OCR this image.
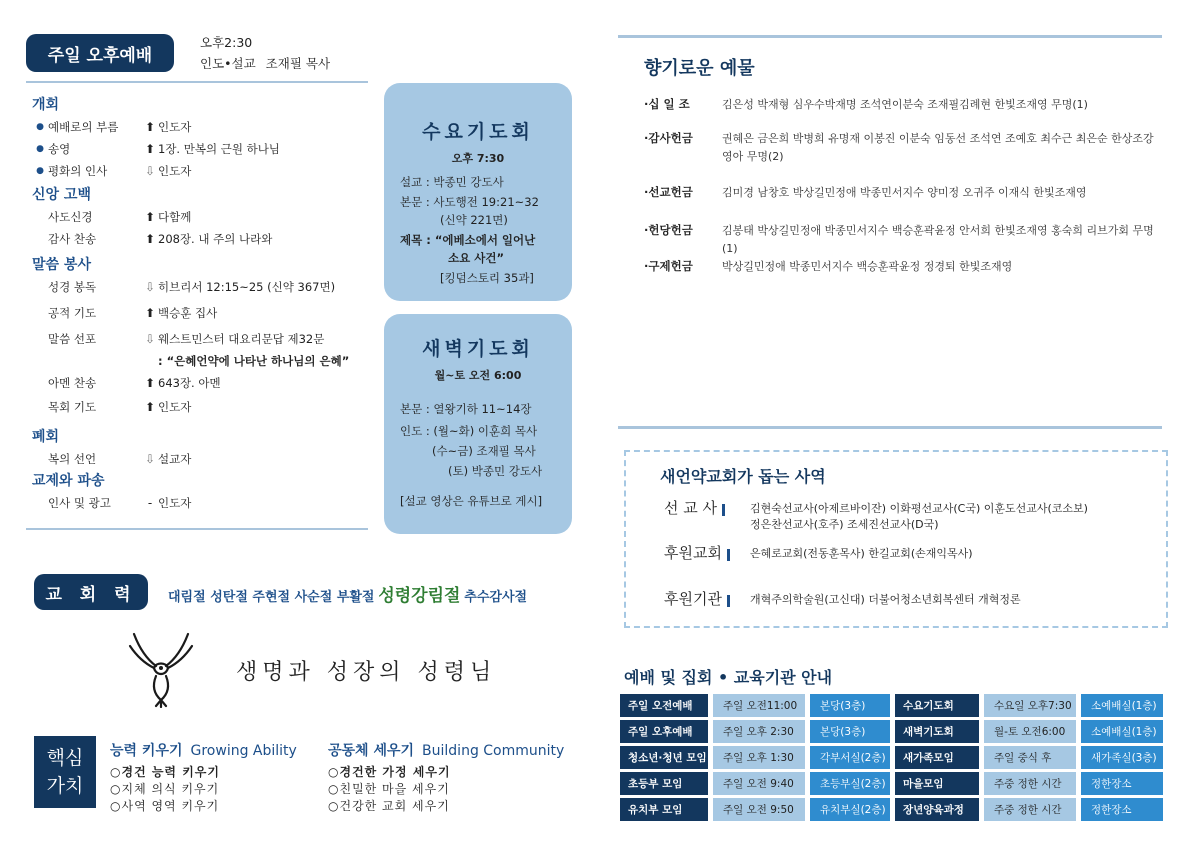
주일 오후예배
오후2:30
인도•설교 조재필 목사
개회
● 예배로의 부름	⬆ 인도자
● 송영	⬆ 1장. 만복의 근원 하나님
● 평화의 인사	⇩ 인도자
신앙 고백
사도신경	⬆ 다함께
감사 찬송	⬆ 208장. 내 주의 나라와
말씀 봉사
성경 봉독	⇩ 히브리서 12:15~25 (신약 367면)
공적 기도	⬆ 백승훈 집사
말씀 선포	⇩ 웨스트민스터 대요리문답 제32문
: “은혜언약에 나타난 하나님의 은혜”
아멘 찬송	⬆ 643장. 아멘
목회 기도	⬆ 인도자
폐회
복의 선언	⇩ 설교자
교제와 파송
인사 및 광고	- 인도자
수요기도회
오후 7:30
설교 : 박종민 강도사
본문 : 사도행전 19:21~32
(신약 221면)
제목 : “에베소에서 일어난
소요 사건”
[킹덤스토리 35과]
새벽기도회
월~토 오전 6:00
본문 : 열왕기하 11~14장
인도 : (월~화) 이훈희 목사
(수~금) 조재필 목사
(토) 박종민 강도사
[설교 영상은 유튜브로 게시]
교 회 력	대림절 성탄절 주현절 사순절 부활절 성령강림절 추수감사절
생명과 성장의 성령님
핵심
가치
능력 키우기 Growing Ability
○경건 능력 키우기
○지체 의식 키우기
○사역 영역 키우기
공동체 세우기 Building Community
○경건한 가정 세우기
○친밀한 마을 세우기
○건강한 교회 세우기
향기로운 예물
·십 일 조	김은성 박재형 심우수박재명 조석연이분숙 조재필김례현 한빛조재영 무명(1)
·감사헌금	권혜은 금은희 박병희 유명재 이봉진 이분숙 임동선 조석연 조예호 최수근 최은순 한상조강영아 무명(2)
·선교헌금	김미경 남창호 박상길민정애 박종민서지수 양미정 오귀주 이재식 한빛조재영
·헌당헌금	김봉태 박상길민정애 박종민서지수 백승훈곽윤정 안서희 한빛조재영 홍숙희 리브가회 무명(1)
·구제헌금	박상길민정애 박종민서지수 백승훈곽윤정 정경퇴 한빛조재영
새언약교회가 돕는 사역
선 교 사	김현숙선교사(아제르바이잔) 이화평선교사(C국) 이훈도선교사(코소보)
정은찬선교사(호주) 조세진선교사(D국)
후원교회	은혜로교회(전동훈목사) 한길교회(손재익목사)
후원기관	개혁주의학술원(고신대) 더불어청소년회복센터 개혁정론
예배 및 집회 • 교육기관 안내
주일 오전예배	주일 오전11:00	본당(3층)	수요기도회	수요일 오후7:30	소예배실(1층)
주일 오후예배	주일 오후 2:30	본당(3층)	새벽기도회	월-토 오전6:00	소예배실(1층)
청소년·청년 모임	주일 오후 1:30	각부서실(2층)	새가족모임	주일 중식 후	새가족실(3층)
초등부 모임	주일 오전 9:40	초등부실(2층)	마을모임	주중 정한 시간	정한장소
유치부 모임	주일 오전 9:50	유치부실(2층)	장년양육과정	주중 정한 시간	정한장소
